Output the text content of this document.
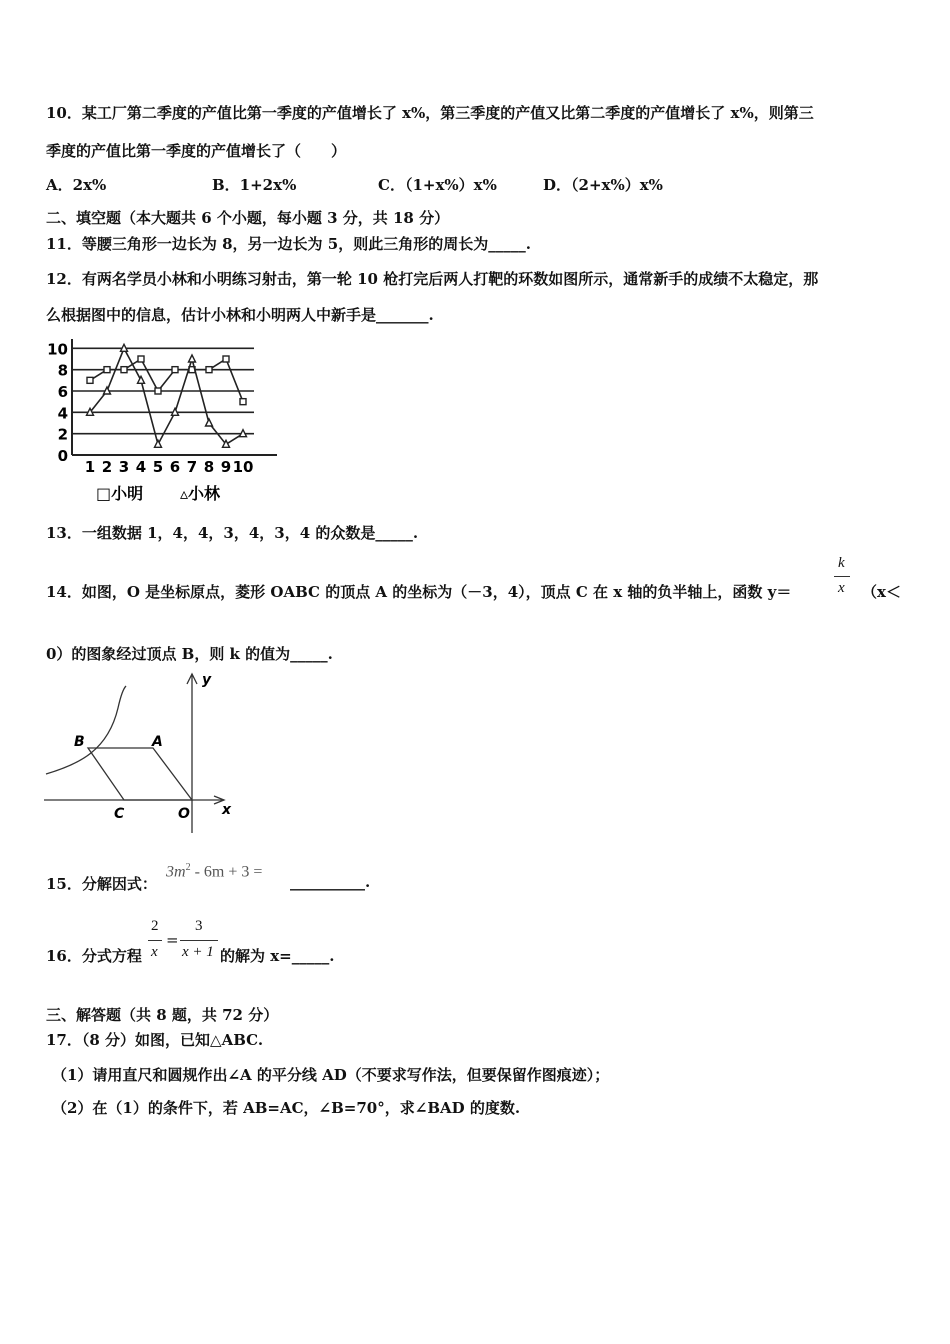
10．某工厂第二季度的产值比第一季度的产值增长了 x%，第三季度的产值又比第二季度的产值增长了 x%，则第三
季度的产值比第一季度的产值增长了（　　）
A．2x%	B．1+2x%	C．（1+x%）x%	D．（2+x%）x%
二、填空题（本大题共 6 个小题，每小题 3 分，共 18 分）
11．等腰三角形一边长为 8，另一边长为 5，则此三角形的周长为_____.
12．有两名学员小林和小明练习射击，第一轮 10 枪打完后两人打靶的环数如图所示，通常新手的成绩不太稳定，那
么根据图中的信息，估计小林和小明两人中新手是_______.
0
2
4
6
8
10
1 2 3 4 5 6 7 8 9 10
□小明 ▵小林
13．一组数据 1，4，4，3，4，3，4 的众数是_____.
14．如图，O 是坐标原点，菱形 OABC 的顶点 A 的坐标为（－3，4），顶点 C 在 x 轴的负半轴上，函数 y＝
k
x （x＜
0）的图象经过顶点 B，则 k 的值为_____.
y
x
B	A
C	O
15．分解因式：
$3m^2 - 6m + 3$ =
__________.
16．分式方程
2
x
=
3
x + 1 的解为 x=_____.
三、解答题（共 8 题，共 72 分）
17．（8 分）如图，已知△ABC.
（1）请用直尺和圆规作出∠A 的平分线 AD（不要求写作法，但要保留作图痕迹）；
（2）在（1）的条件下，若 AB=AC，∠B=70°，求∠BAD 的度数.
